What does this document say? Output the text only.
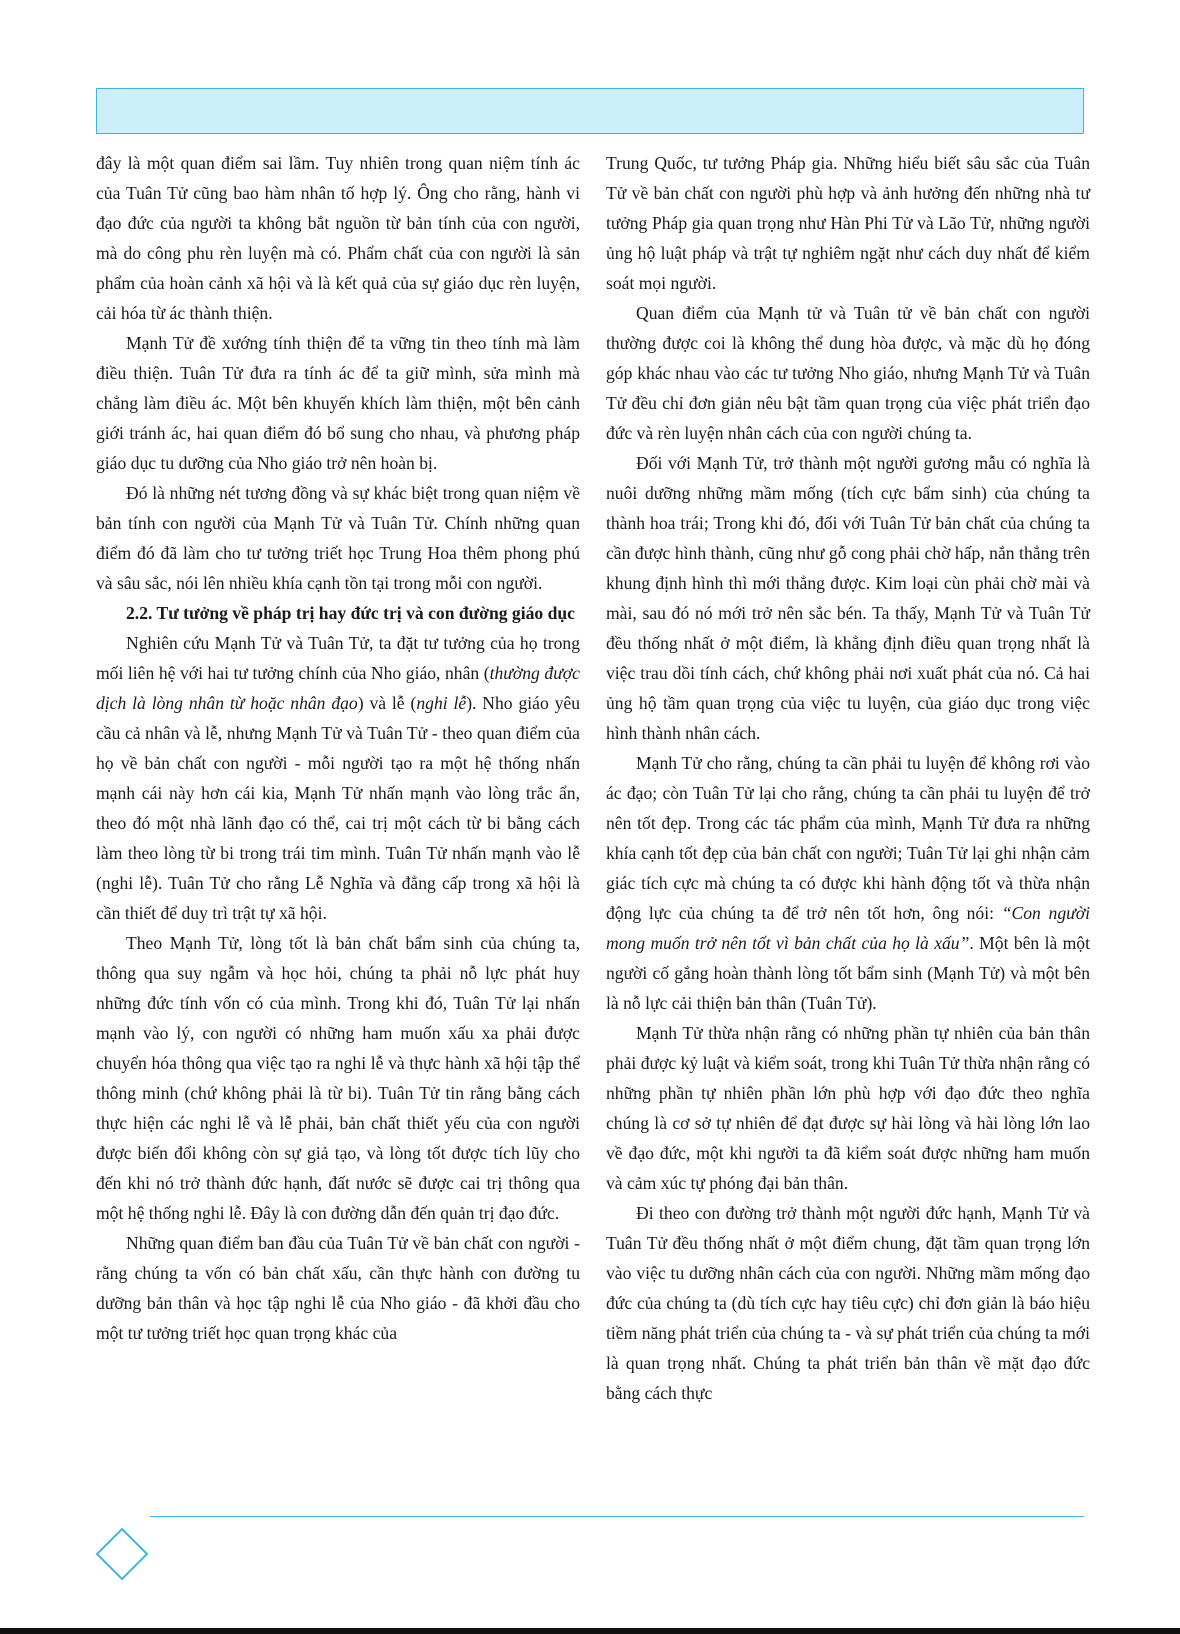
đây là một quan điểm sai lầm. Tuy nhiên trong quan niệm tính ác của Tuân Tử cũng bao hàm nhân tố hợp lý. Ông cho rằng, hành vi đạo đức của người ta không bắt nguồn từ bản tính của con người, mà do công phu rèn luyện mà có. Phẩm chất của con người là sản phẩm của hoàn cảnh xã hội và là kết quả của sự giáo dục rèn luyện, cải hóa từ ác thành thiện.

Mạnh Tử đề xướng tính thiện để ta vững tin theo tính mà làm điều thiện. Tuân Tử đưa ra tính ác để ta giữ mình, sửa mình mà chẳng làm điều ác. Một bên khuyến khích làm thiện, một bên cảnh giới tránh ác, hai quan điểm đó bổ sung cho nhau, và phương pháp giáo dục tu dưỡng của Nho giáo trở nên hoàn bị.

Đó là những nét tương đồng và sự khác biệt trong quan niệm về bản tính con người của Mạnh Tử và Tuân Tử. Chính những quan điểm đó đã làm cho tư tưởng triết học Trung Hoa thêm phong phú và sâu sắc, nói lên nhiều khía cạnh tồn tại trong mỗi con người.

2.2. Tư tưởng về pháp trị hay đức trị và con đường giáo dục

Nghiên cứu Mạnh Tử và Tuân Tử, ta đặt tư tưởng của họ trong mối liên hệ với hai tư tưởng chính của Nho giáo, nhân (thường được dịch là lòng nhân từ hoặc nhân đạo) và lễ (nghi lễ). Nho giáo yêu cầu cả nhân và lễ, nhưng Mạnh Tử và Tuân Tử - theo quan điểm của họ về bản chất con người - mỗi người tạo ra một hệ thống nhấn mạnh cái này hơn cái kia, Mạnh Tử nhấn mạnh vào lòng trắc ẩn, theo đó một nhà lãnh đạo có thể, cai trị một cách từ bi bằng cách làm theo lòng từ bi trong trái tim mình. Tuân Tử nhấn mạnh vào lễ (nghi lễ). Tuân Tử cho rằng Lễ Nghĩa và đẳng cấp trong xã hội là cần thiết để duy trì trật tự xã hội.

Theo Mạnh Tử, lòng tốt là bản chất bẩm sinh của chúng ta, thông qua suy ngẫm và học hỏi, chúng ta phải nỗ lực phát huy những đức tính vốn có của mình. Trong khi đó, Tuân Tử lại nhấn mạnh vào lý, con người có những ham muốn xấu xa phải được chuyển hóa thông qua việc tạo ra nghi lễ và thực hành xã hội tập thể thông minh (chứ không phải là từ bi). Tuân Tử tin rằng bằng cách thực hiện các nghi lễ và lễ phải, bản chất thiết yếu của con người được biến đổi không còn sự giả tạo, và lòng tốt được tích lũy cho đến khi nó trở thành đức hạnh, đất nước sẽ được cai trị thông qua một hệ thống nghi lễ. Đây là con đường dẫn đến quản trị đạo đức.

Những quan điểm ban đầu của Tuân Tử về bản chất con người - rằng chúng ta vốn có bản chất xấu, cần thực hành con đường tu dưỡng bản thân và học tập nghi lễ của Nho giáo - đã khởi đầu cho một tư tưởng triết học quan trọng khác của

Trung Quốc, tư tưởng Pháp gia. Những hiểu biết sâu sắc của Tuân Tử về bản chất con người phù hợp và ảnh hưởng đến những nhà tư tưởng Pháp gia quan trọng như Hàn Phi Tử và Lão Tử, những người ủng hộ luật pháp và trật tự nghiêm ngặt như cách duy nhất để kiểm soát mọi người.

Quan điểm của Mạnh tử và Tuân tử về bản chất con người thường được coi là không thể dung hòa được, và mặc dù họ đóng góp khác nhau vào các tư tưởng Nho giáo, nhưng Mạnh Tử và Tuân Tử đều chỉ đơn giản nêu bật tầm quan trọng của việc phát triển đạo đức và rèn luyện nhân cách của con người chúng ta.

Đối với Mạnh Tử, trở thành một người gương mẫu có nghĩa là nuôi dưỡng những mầm mống (tích cực bẩm sinh) của chúng ta thành hoa trái; Trong khi đó, đối với Tuân Tử bản chất của chúng ta cần được hình thành, cũng như gỗ cong phải chờ hấp, nắn thẳng trên khung định hình thì mới thẳng được. Kim loại cùn phải chờ mài và mài, sau đó nó mới trở nên sắc bén. Ta thấy, Mạnh Tử và Tuân Tử đều thống nhất ở một điểm, là khẳng định điều quan trọng nhất là việc trau dồi tính cách, chứ không phải nơi xuất phát của nó. Cả hai ủng hộ tầm quan trọng của việc tu luyện, của giáo dục trong việc hình thành nhân cách.

Mạnh Tử cho rằng, chúng ta cần phải tu luyện để không rơi vào ác đạo; còn Tuân Tử lại cho rằng, chúng ta cần phải tu luyện để trở nên tốt đẹp. Trong các tác phẩm của mình, Mạnh Tử đưa ra những khía cạnh tốt đẹp của bản chất con người; Tuân Tử lại ghi nhận cảm giác tích cực mà chúng ta có được khi hành động tốt và thừa nhận động lực của chúng ta để trở nên tốt hơn, ông nói: “Con người mong muốn trở nên tốt vì bản chất của họ là xấu”. Một bên là một người cố gắng hoàn thành lòng tốt bẩm sinh (Mạnh Tử) và một bên là nỗ lực cải thiện bản thân (Tuân Tử).

Mạnh Tử thừa nhận rằng có những phần tự nhiên của bản thân phải được kỷ luật và kiểm soát, trong khi Tuân Tử thừa nhận rằng có những phần tự nhiên phần lớn phù hợp với đạo đức theo nghĩa chúng là cơ sở tự nhiên để đạt được sự hài lòng và hài lòng lớn lao về đạo đức, một khi người ta đã kiểm soát được những ham muốn và cảm xúc tự phóng đại bản thân.

Đi theo con đường trở thành một người đức hạnh, Mạnh Tử và Tuân Tử đều thống nhất ở một điểm chung, đặt tầm quan trọng lớn vào việc tu dưỡng nhân cách của con người. Những mầm mống đạo đức của chúng ta (dù tích cực hay tiêu cực) chỉ đơn giản là báo hiệu tiềm năng phát triển của chúng ta - và sự phát triển của chúng ta mới là quan trọng nhất. Chúng ta phát triển bản thân về mặt đạo đức bằng cách thực
